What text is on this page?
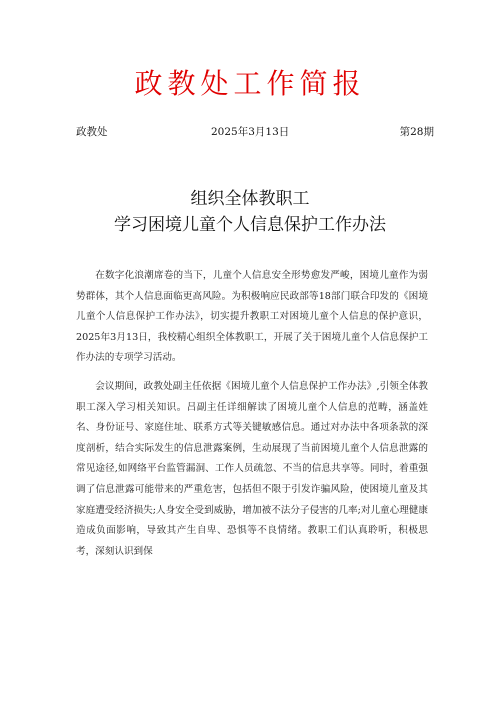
政教处工作简报
政教处	2025年3月13日	第28期
组织全体教职工
学习困境儿童个人信息保护工作办法

在数字化浪潮席卷的当下，儿童个人信息安全形势愈发严峻，困境儿童作为弱势群体，其个人信息面临更高风险。为积极响应民政部等18部门联合印发的《困境儿童个人信息保护工作办法》，切实提升教职工对困境儿童个人信息的保护意识，2025年3月13日，我校精心组织全体教职工，开展了关于困境儿童个人信息保护工作办法的专项学习活动。

会议期间，政教处副主任依据《困境儿童个人信息保护工作办法》,引领全体教职工深入学习相关知识。吕副主任详细解读了困境儿童个人信息的范畴，涵盖姓名、身份证号、家庭住址、联系方式等关键敏感信息。通过对办法中各项条款的深度剖析，结合实际发生的信息泄露案例，生动展现了当前困境儿童个人信息泄露的常见途径,如网络平台监管漏洞、工作人员疏忽、不当的信息共享等。同时，着重强调了信息泄露可能带来的严重危害，包括但不限于引发诈骗风险，使困境儿童及其家庭遭受经济损失;人身安全受到威胁，增加被不法分子侵害的几率;对儿童心理健康造成负面影响，导致其产生自卑、恐惧等不良情绪。教职工们认真聆听，积极思考，深刻认识到保
